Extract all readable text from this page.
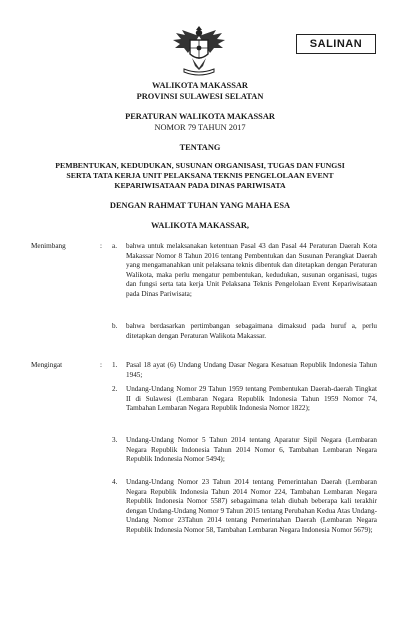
SALINAN
WALIKOTA MAKASSAR
PROVINSI SULAWESI SELATAN
PERATURAN WALIKOTA MAKASSAR
NOMOR 79 TAHUN 2017
TENTANG
PEMBENTUKAN, KEDUDUKAN, SUSUNAN ORGANISASI, TUGAS DAN FUNGSI
SERTA TATA KERJA UNIT PELAKSANA TEKNIS PENGELOLAAN EVENT
KEPARIWISATAAN PADA DINAS PARIWISATA
DENGAN RAHMAT TUHAN YANG MAHA ESA
WALIKOTA MAKASSAR,
Menimbang	: a. bahwa untuk melaksanakan ketentuan Pasal 43 dan Pasal 44 Peraturan Daerah Kota Makassar Nomor 8 Tahun 2016 tentang Pembentukan dan Susunan Perangkat Daerah yang mengamanahkan unit pelaksana teknis dibentuk dan ditetapkan dengan Peraturan Walikota, maka perlu mengatur pembentukan, kedudukan, susunan organisasi, tugas dan fungsi serta tata kerja Unit Pelaksana Teknis Pengelolaan Event Kepariwisataan pada Dinas Pariwisata;
b. bahwa berdasarkan pertimbangan sebagaimana dimaksud pada huruf a, perlu ditetapkan dengan Peraturan Walikota Makassar.
Mengingat	: 1. Pasal 18 ayat (6) Undang Undang Dasar Negara Kesatuan Republik Indonesia Tahun 1945;
2. Undang-Undang Nomor 29 Tahun 1959 tentang Pembentukan Daerah-daerah Tingkat II di Sulawesi (Lembaran Negara Republik Indonesia Tahun 1959 Nomor 74, Tambahan Lembaran Negara Republik Indonesia Nomor 1822);
3. Undang-Undang Nomor 5 Tahun 2014 tentang Aparatur Sipil Negara (Lembaran Negara Republik Indonesia Tahun 2014 Nomor 6, Tambahan Lembaran Negara Republik Indonesia Nomor 5494);
4. Undang-Undang Nomor 23 Tahun 2014 tentang Pemerintahan Daerah (Lembaran Negara Republik Indonesia Tahun 2014 Nomor 224, Tambahan Lembaran Negara Republik Indonesia Nomor 5587) sebagaimana telah diubah beberapa kali terakhir dengan Undang-Undang Nomor 9 Tahun 2015 tentang Perubahan Kedua Atas Undang-Undang Nomor 23Tahun 2014 tentang Pemerintahan Daerah (Lembaran Negara Republik Indonesia Nomor 58, Tambahan Lembaran Negara Indonesia Nomor 5679);
